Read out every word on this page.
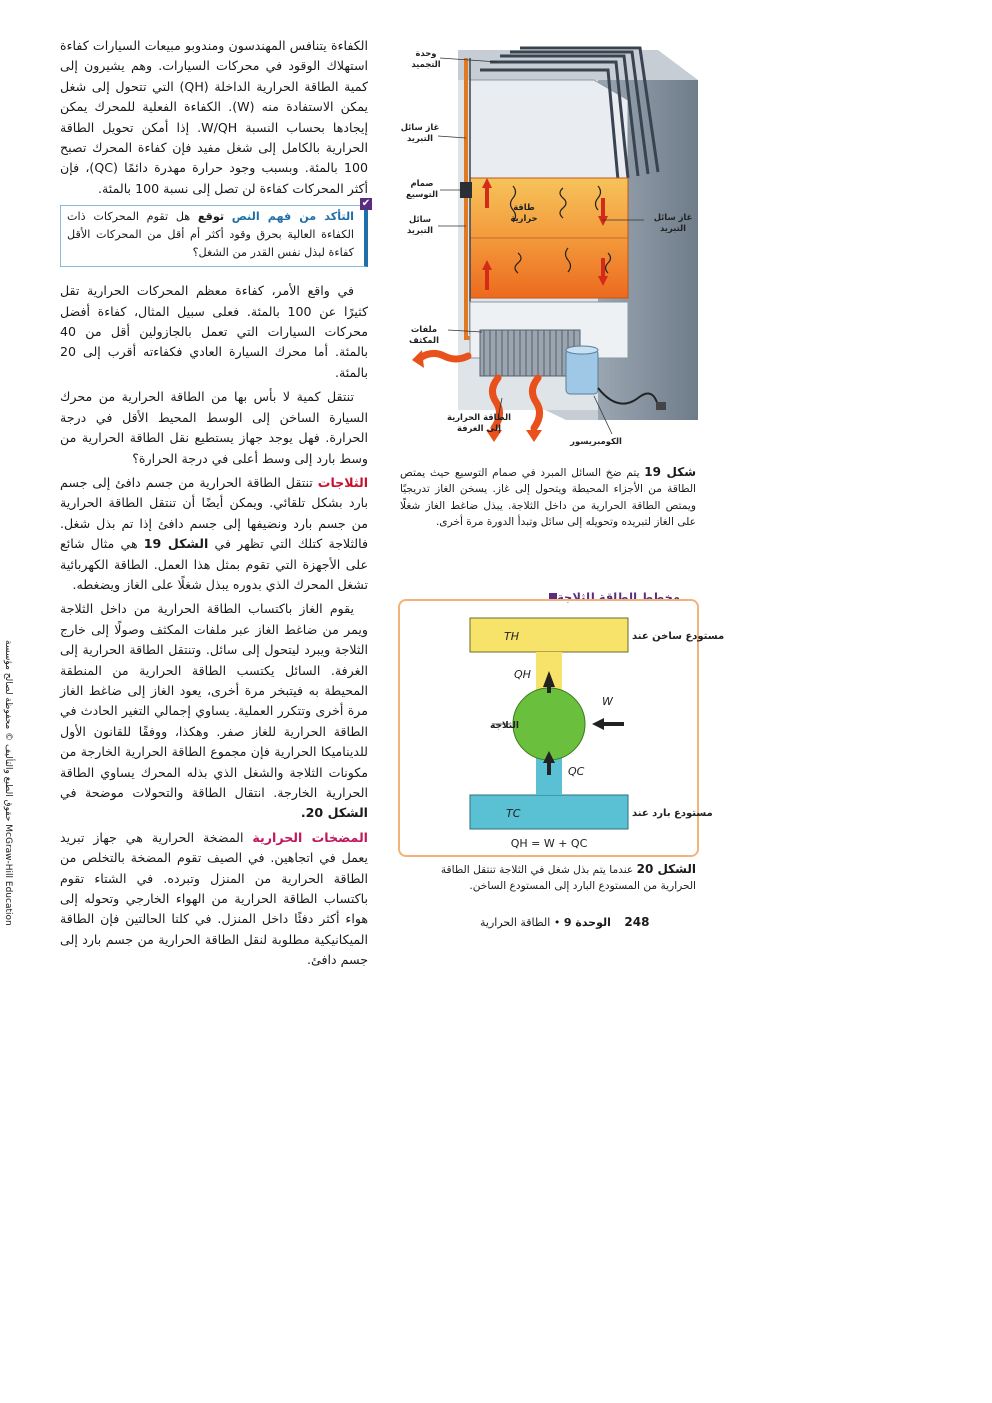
الكفاءة يتنافس المهندسون ومندوبو مبيعات السيارات كفاءة استهلاك الوقود في محركات السيارات. وهم يشيرون إلى كمية الطاقة الحرارية الداخلة (QH) التي تتحول إلى شغل يمكن الاستفادة منه (W). الكفاءة الفعلية للمحرك يمكن إيجادها بحساب النسبة W/QH. إذا أمكن تحويل الطاقة الحرارية بالكامل إلى شغل مفيد فإن كفاءة المحرك تصبح 100 بالمئة. وبسبب وجود حرارة مهدرة دائمًا (QC)، فإن أكثر المحركات كفاءة لن تصل إلى نسبة 100 بالمئة.

✔
التأكد من فهم النص توقع هل تقوم المحركات ذات الكفاءة العالية بحرق وقود أكثر أم أقل من المحركات الأقل كفاءة لبذل نفس القدر من الشغل؟

في واقع الأمر، كفاءة معظم المحركات الحرارية تقل كثيرًا عن 100 بالمئة. فعلى سبيل المثال، كفاءة أفضل محركات السيارات التي تعمل بالجازولين أقل من 40 بالمئة. أما محرك السيارة العادي فكفاءته أقرب إلى 20 بالمئة.

تنتقل كمية لا بأس بها من الطاقة الحرارية من محرك السيارة الساخن إلى الوسط المحيط الأقل في درجة الحرارة. فهل يوجد جهاز يستطيع نقل الطاقة الحرارية من وسط بارد إلى وسط أعلى في درجة الحرارة؟

الثلاجات تنتقل الطاقة الحرارية من جسم دافئ إلى جسم بارد بشكل تلقائي. ويمكن أيضًا أن تنتقل الطاقة الحرارية من جسم بارد ونضيفها إلى جسم دافئ إذا تم بذل شغل. فالثلاجة كتلك التي تظهر في الشكل 19 هي مثال شائع على الأجهزة التي تقوم بمثل هذا العمل. الطاقة الكهربائية تشغل المحرك الذي بدوره يبذل شغلًا على الغاز ويضغطه.

يقوم الغاز باكتساب الطاقة الحرارية من داخل الثلاجة ويمر من ضاغط الغاز عبر ملفات المكثف وصولًا إلى خارج الثلاجة ويبرد ليتحول إلى سائل. وتنتقل الطاقة الحرارية إلى الغرفة. السائل يكتسب الطاقة الحرارية من المنطقة المحيطة به فيتبخر مرة أخرى، يعود الغاز إلى ضاغط الغاز مرة أخرى وتتكرر العملية. يساوي إجمالي التغير الحادث في الطاقة الحرارية للغاز صفر. وهكذا، ووفقًا للقانون الأول للديناميكا الحرارية فإن مجموع الطاقة الحرارية الخارجة من مكونات الثلاجة والشغل الذي بذله المحرك يساوي الطاقة الحرارية الخارجة. انتقال الطاقة والتحولات موضحة في الشكل 20.

المضخات الحرارية المضخة الحرارية هي جهاز تبريد يعمل في اتجاهين. في الصيف تقوم المضخة بالتخلص من الطاقة الحرارية من المنزل وتبرده. في الشتاء تقوم باكتساب الطاقة الحرارية من الهواء الخارجي وتحوله إلى هواء أكثر دفئًا داخل المنزل. في كلتا الحالتين فإن الطاقة الميكانيكية مطلوبة لنقل الطاقة الحرارية من جسم بارد إلى جسم دافئ.

حقوق الطبع والتأليف © محفوظة لصالح مؤسسة McGraw-Hill Education
وحدة التجميد
غاز سائل التبريد
صمام التوسيع
سائل التبريد
طاقة حرارية	غاز سائل التبريد
ملفات المكثف
الطاقة الحرارية إلى الغرفة
الكومبريسور
شكل 19 يتم ضخ السائل المبرد في صمام التوسيع حيث يمتص الطاقة من الأجزاء المحيطة ويتحول إلى غاز. يسخن الغاز تدريجيًا ويمتص الطاقة الحرارية من داخل الثلاجة. يبذل ضاغط الغاز شغلًا على الغاز لتبريده وتحويله إلى سائل وتبدأ الدورة مرة أخرى.
مخطط الطاقة للثلاجة
مستودع ساخن عند
TH
مستودع بارد عند
TC
QH
QC
W
الثلاجة
QH = W + QC
الشكل 20 عندما يتم بذل شغل في الثلاجة تنتقل الطاقة الحرارية من المستودع البارد إلى المستودع الساخن.
248 الوحدة 9 • الطاقة الحرارية
